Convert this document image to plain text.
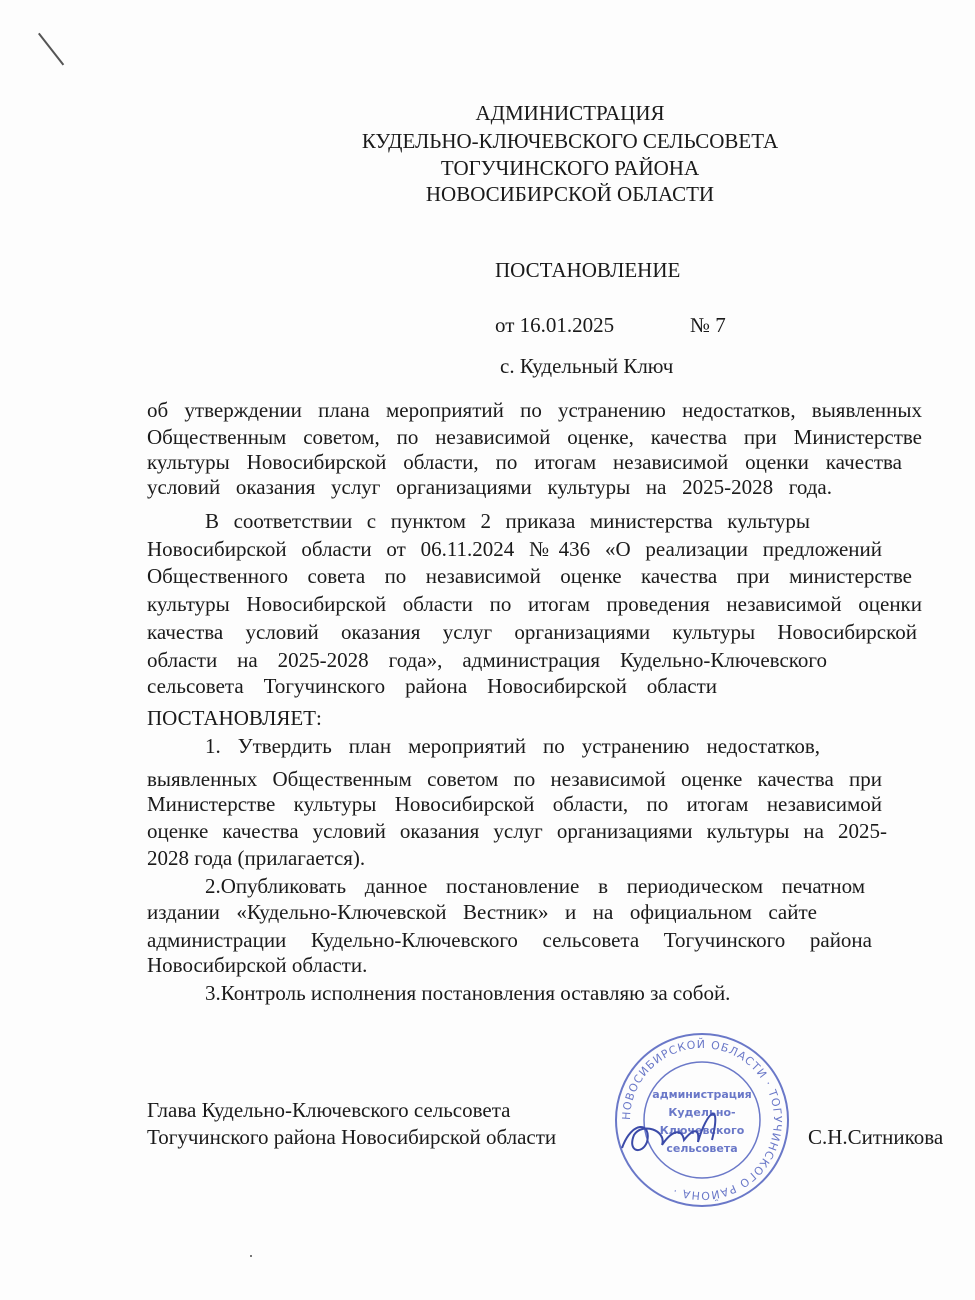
АДМИНИСТРАЦИЯ
КУДЕЛЬНО-КЛЮЧЕВСКОГО СЕЛЬСОВЕТА
ТОГУЧИНСКОГО РАЙОНА
НОВОСИБИРСКОЙ ОБЛАСТИ
ПОСТАНОВЛЕНИЕ
от 16.01.2025	№ 7
с. Кудельный Ключ
об утверждении плана мероприятий по устранению недостатков, выявленных
Общественным советом, по независимой оценке, качества при Министерстве
культуры Новосибирской области, по итогам независимой оценки качества
условий оказания услуг организациями культуры на 2025-2028 года.
В соответствии с пунктом 2 приказа министерства культуры
Новосибирской области от 06.11.2024 №436 «О реализации предложений
Общественного совета по независимой оценке качества при министерстве
культуры Новосибирской области по итогам проведения независимой оценки
качества условий оказания услуг организациями культуры Новосибирской
области на 2025-2028 года», администрация Кудельно-Ключевского
сельсовета Тогучинского района Новосибирской области
ПОСТАНОВЛЯЕТ:
1. Утвердить план мероприятий по устранению недостатков,
выявленных Общественным советом по независимой оценке качества при
Министерстве культуры Новосибирской области, по итогам независимой
оценке качества условий оказания услуг организациями культуры на 2025-
2028 года (прилагается).
2.Опубликовать данное постановление в периодическом печатном
издании «Кудельно-Ключевской Вестник» и на официальном сайте
администрации Кудельно-Ключевского сельсовета Тогучинского района
Новосибирской области.
3.Контроль исполнения постановления оставляю за собой.
Глава Кудельно-Ключевского сельсовета
Тогучинского района Новосибирской области
НОВОСИБИРСКОЙ ОБЛАСТИ · ТОГУЧИНСКОГО РАЙОНА ·
администрация
Кудельно-
Ключевского
сельсовета	С.Н.Ситникова
